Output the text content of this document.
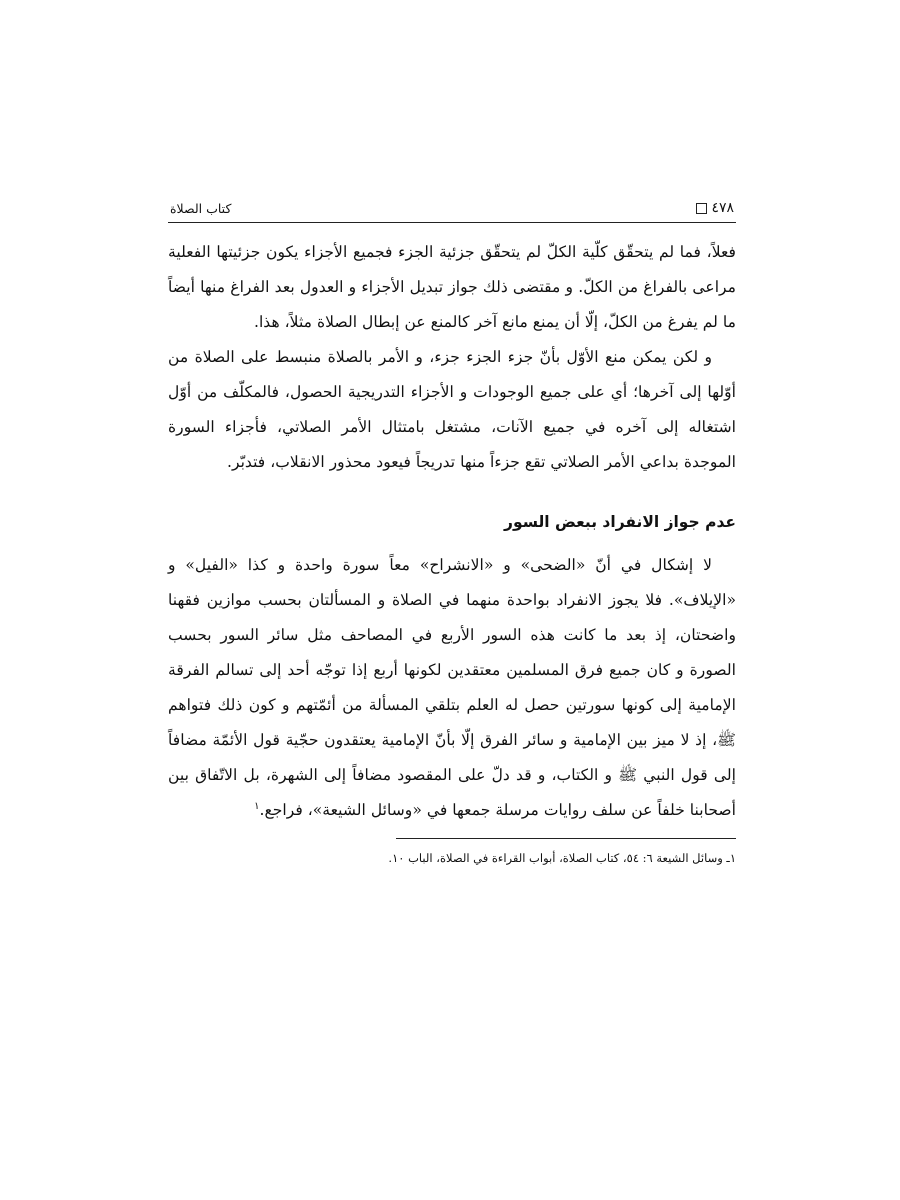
٤٧٨
كتاب الصلاة

فعلاً، فما لم يتحقّق كلّية الكلّ لم يتحقّق جزئية الجزء فجميع الأجزاء يكون جزئيتها الفعلية مراعى بالفراغ من الكلّ. و مقتضى ذلك جواز تبديل الأجزاء و العدول بعد الفراغ منها أيضاً ما لم يفرغ من الكلّ، إلّا أن يمنع مانع آخر كالمنع عن إبطال الصلاة مثلاً، هذا.

و لكن يمكن منع الأوّل بأنّ جزء الجزء جزء، و الأمر بالصلاة منبسط على الصلاة من أوّلها إلى آخرها؛ أي على جميع الوجودات و الأجزاء التدريجية الحصول، فالمكلّف من أوّل اشتغاله إلى آخره في جميع الآنات، مشتغل بامتثال الأمر الصلاتي، فأجزاء السورة الموجدة بداعي الأمر الصلاتي تقع جزءاً منها تدريجاً فيعود محذور الانقلاب، فتدبّر.

عدم جواز الانفراد ببعض السور

لا إشكال في أنّ «الضحى» و «الانشراح» معاً سورة واحدة و كذا «الفيل» و «الإيلاف». فلا يجوز الانفراد بواحدة منهما في الصلاة و المسألتان بحسب موازين فقهنا واضحتان، إذ بعد ما كانت هذه السور الأربع في المصاحف مثل سائر السور بحسب الصورة و كان جميع فرق المسلمين معتقدين لكونها أربع إذا توجّه أحد إلى تسالم الفرقة الإمامية إلى كونها سورتين حصل له العلم بتلقي المسألة من أئمّتهم و كون ذلك فتواهم ﷺ، إذ لا ميز بين الإمامية و سائر الفرق إلّا بأنّ الإمامية يعتقدون حجّية قول الأئمّة مضافاً إلى قول النبي ﷺ و الكتاب، و قد دلّ على المقصود مضافاً إلى الشهرة، بل الاتّفاق بين أصحابنا خلفاً عن سلف روايات مرسلة جمعها في «وسائل الشيعة»، فراجع.$^١$

١ـ وسائل الشيعة ٦: ٥٤، كتاب الصلاة، أبواب القراءة في الصلاة، الباب ١٠.
